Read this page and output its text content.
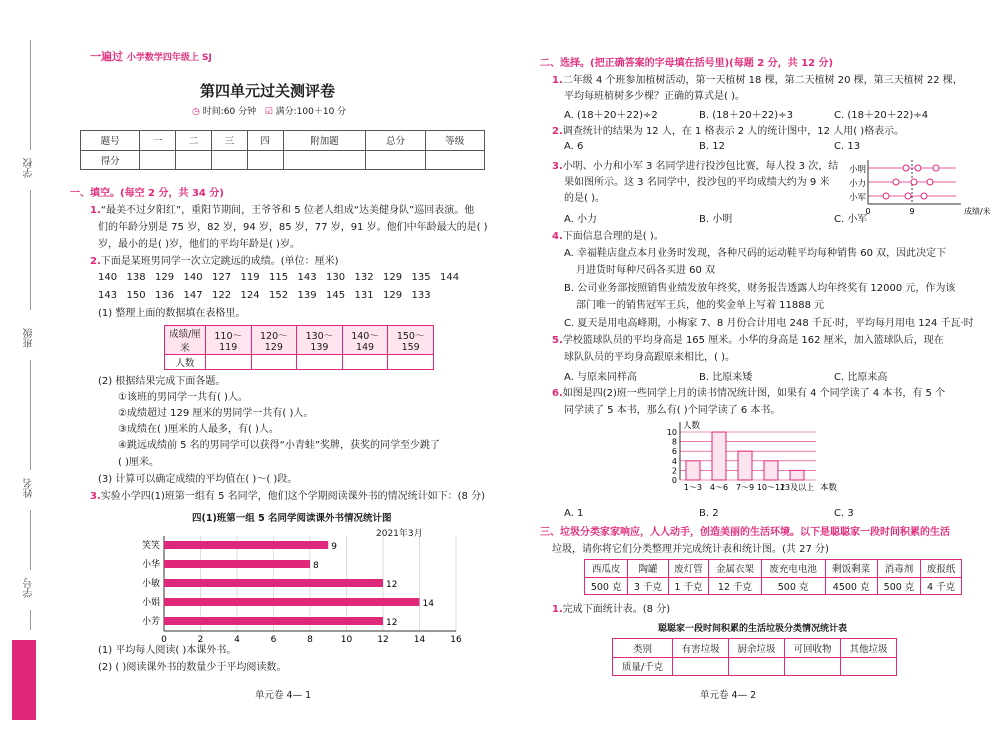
学校
班级
姓名
学号
一遍过 小学数学四年级上 SJ
第四单元过关测评卷
◷ 时间:60 分钟 ☑ 满分:100＋10 分
题号	一	二	三	四	附加题	总分	等级
得分							
一、填空。(每空 2 分，共 34 分)
1.“最美不过夕阳红”，重阳节期间，王爷爷和 5 位老人组成“达美健身队”巡回表演。他
们的年龄分别是 75 岁，82 岁，94 岁，85 岁，77 岁，91 岁。他们中年龄最大的是( )
岁，最小的是( )岁，他们的平均年龄是( )岁。
2.下面是某班男同学一次立定跳远的成绩。(单位：厘米)
140 138 129 140 127 119 115 143 130 132 129 135 144
143 150 136 147 122 124 152 139 145 131 129 133
(1) 整理上面的数据填在表格里。
成绩/厘米	110～119	120～129	130～139	140～149	150～159
人数					
(2) 根据结果完成下面各题。
①该班的男同学一共有( )人。
②成绩超过 129 厘米的男同学一共有( )人。
③成绩在( )厘米的人最多，有( )人。
④跳远成绩前 5 名的男同学可以获得“小青蛙”奖牌，获奖的同学至少跳了
( )厘米。
(3) 计算可以确定成绩的平均值在( )～( )段。
3.实验小学四(1)班第一组有 5 名同学，他们这个学期阅读课外书的情况统计如下：(8 分)
四(1)班第一组 5 名同学阅读课外书情况统计图
2021年3月
0	2	4	6	8	10	12	14	16
笑笑	9
小华	8
小敏	12
小娟	14
小芳	12
(1) 平均每人阅读( )本课外书。
(2) ( )阅读课外书的数量少于平均阅读数。
单元卷 4— 1
二、选择。(把正确答案的字母填在括号里)(每题 2 分，共 12 分)
1.二年级 4 个班参加植树活动，第一天植树 18 棵，第二天植树 20 棵，第三天植树 22 棵，
平均每班植树多少棵？正确的算式是( )。
A. (18＋20＋22)÷2	B. (18＋20＋22)÷3	C. (18＋20＋22)÷4
2.调查统计的结果为 12 人，在 1 格表示 2 人的统计图中，12 人用( )格表示。
A. 6	B. 12	C. 13
3.小明、小力和小军 3 名同学进行投沙包比赛，每人投 3 次，结
果如图所示。这 3 名同学中，投沙包的平均成绩大约为 9 米
的是( )。
A. 小力	B. 小明	C. 小军
小明
小力
小军
0	9	成绩/米
4.下面信息合理的是( )。
A. 幸福鞋店盘点本月业务时发现，各种尺码的运动鞋平均每种销售 60 双，因此决定下
月进货时每种尺码各买进 60 双
B. 公司业务部按照销售业绩发放年终奖，财务报告透露人均年终奖有 12000 元，作为该
部门唯一的销售冠军王兵，他的奖金单上写着 11888 元
C. 夏天是用电高峰期，小梅家 7、8 月份合计用电 248 千瓦·时，平均每月用电 124 千瓦·时
5.学校篮球队员的平均身高是 165 厘米。小华的身高是 162 厘米，加入篮球队后，现在
球队队员的平均身高跟原来相比，( )。
A. 与原来同样高	B. 比原来矮	C. 比原来高
6.如图是四(2)班一些同学上月的读书情况统计图，如果有 4 个同学读了 4 本书，有 5 个
同学读了 5 本书，那么有( )个同学读了 6 本书。
0
2
4
6
8
10
人数
1～3 4～6 7～9 10～12
13及以上 本数
A. 1	B. 2	C. 3
三、垃圾分类家家响应，人人动手，创造美丽的生活环境。以下是聪聪家一段时间积累的生活
垃圾，请你将它们分类整理并完成统计表和统计图。(共 27 分)
西瓜皮	陶罐	废灯管	金属衣架	废充电电池	剩饭剩菜	消毒剂	废报纸
500 克	3 千克	1 千克	12 千克	500 克	4500 克	500 克	4 千克
1.完成下面统计表。(8 分)
聪聪家一段时间积累的生活垃圾分类情况统计表
类别	有害垃圾	厨余垃圾	可回收物	其他垃圾
质量/千克				
单元卷 4— 2
